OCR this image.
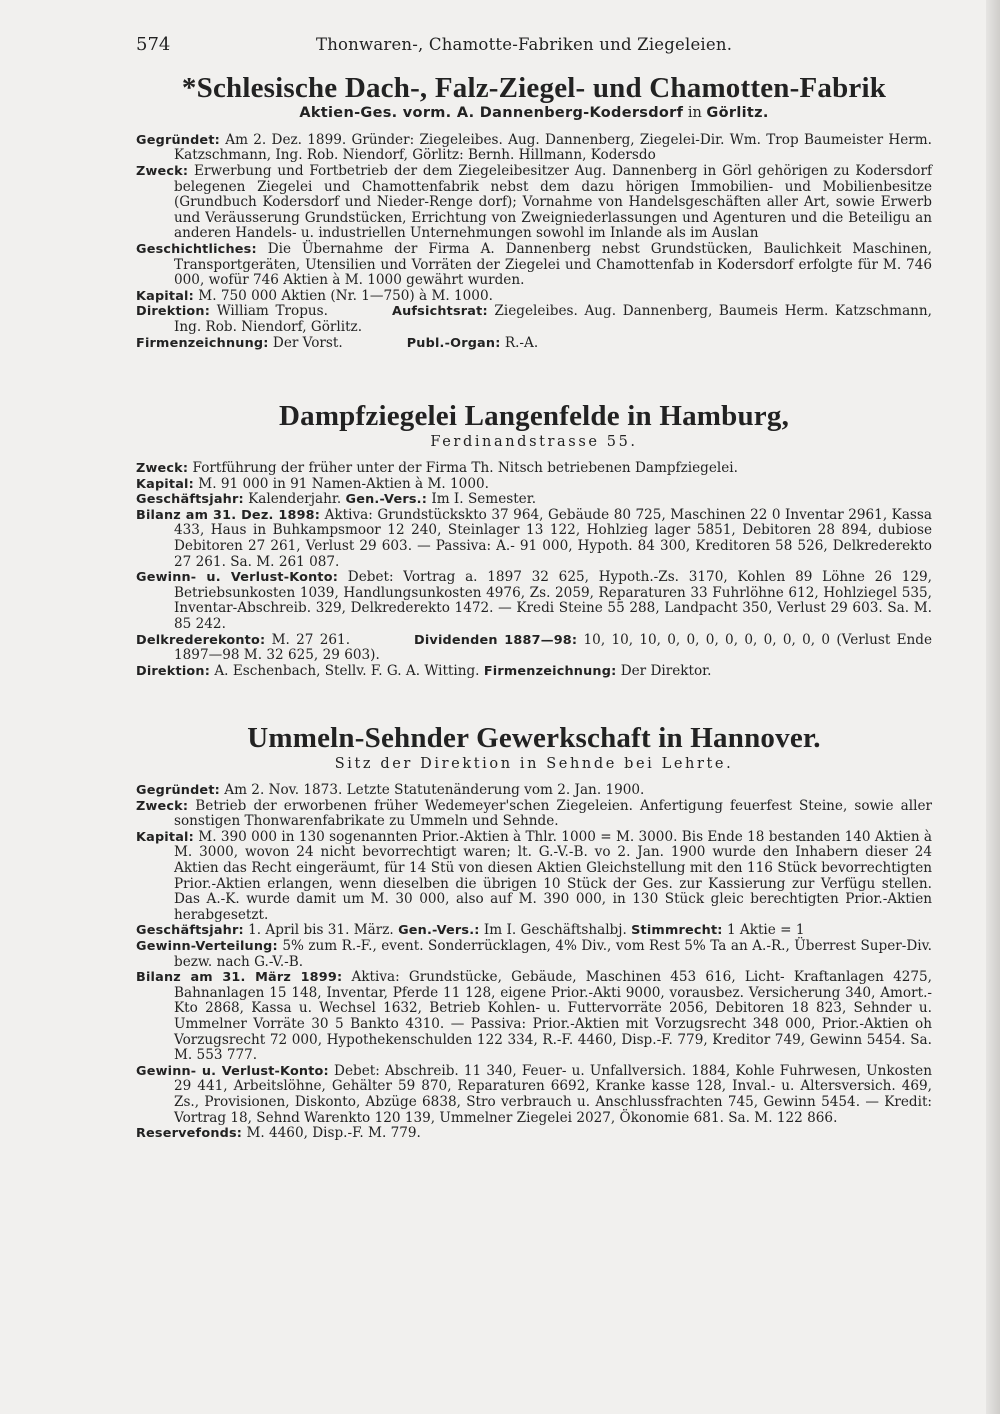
574	Thonwaren-, Chamotte-Fabriken und Ziegeleien.
*Schlesische Dach-, Falz-Ziegel- und Chamotten-Fabrik
Aktien-Ges. vorm. A. Dannenberg-Kodersdorf in Görlitz.
Gegründet: Am 2. Dez. 1899. Gründer: Ziegeleibes. Aug. Dannenberg, Ziegelei-Dir. Wm. Trop Baumeister Herm. Katzschmann, Ing. Rob. Niendorf, Görlitz: Bernh. Hillmann, Kodersdo
Zweck: Erwerbung und Fortbetrieb der dem Ziegeleibesitzer Aug. Dannenberg in Görl gehörigen zu Kodersdorf belegenen Ziegelei und Chamottenfabrik nebst dem dazu hörigen Immobilien- und Mobilienbesitze (Grundbuch Kodersdorf und Nieder-Renge dorf); Vornahme von Handelsgeschäften aller Art, sowie Erwerb und Veräusserung Grundstücken, Errichtung von Zweigniederlassungen und Agenturen und die Beteiligu an anderen Handels- u. industriellen Unternehmungen sowohl im Inlande als im Auslan
Geschichtliches: Die Übernahme der Firma A. Dannenberg nebst Grundstücken, Baulichkeit Maschinen, Transportgeräten, Utensilien und Vorräten der Ziegelei und Chamottenfab in Kodersdorf erfolgte für M. 746 000, wofür 746 Aktien à M. 1000 gewährt wurden.
Kapital: M. 750 000 Aktien (Nr. 1—750) à M. 1000.
Direktion: William Tropus.	Aufsichtsrat: Ziegeleibes. Aug. Dannenberg, Baumeis Herm. Katzschmann, Ing. Rob. Niendorf, Görlitz.
Firmenzeichnung: Der Vorst.	Publ.-Organ: R.-A.
Dampfziegelei Langenfelde in Hamburg,
Ferdinandstrasse 55.
Zweck: Fortführung der früher unter der Firma Th. Nitsch betriebenen Dampfziegelei.
Kapital: M. 91 000 in 91 Namen-Aktien à M. 1000.
Geschäftsjahr: Kalenderjahr. Gen.-Vers.: Im I. Semester.
Bilanz am 31. Dez. 1898: Aktiva: Grundstückskto 37 964, Gebäude 80 725, Maschinen 22 0 Inventar 2961, Kassa 433, Haus in Buhkampsmoor 12 240, Steinlager 13 122, Hohlzieg lager 5851, Debitoren 28 894, dubiose Debitoren 27 261, Verlust 29 603. — Passiva: A.- 91 000, Hypoth. 84 300, Kreditoren 58 526, Delkrederekto 27 261. Sa. M. 261 087.
Gewinn- u. Verlust-Konto: Debet: Vortrag a. 1897 32 625, Hypoth.-Zs. 3170, Kohlen 89 Löhne 26 129, Betriebsunkosten 1039, Handlungsunkosten 4976, Zs. 2059, Reparaturen 33 Fuhrlöhne 612, Hohlziegel 535, Inventar-Abschreib. 329, Delkrederekto 1472. — Kredi Steine 55 288, Landpacht 350, Verlust 29 603. Sa. M. 85 242.
Delkrederekonto: M. 27 261.	Dividenden 1887—98: 10, 10, 10, 0, 0, 0, 0, 0, 0, 0, 0, 0 (Verlust Ende 1897—98 M. 32 625, 29 603).
Direktion: A. Eschenbach, Stellv. F. G. A. Witting. Firmenzeichnung: Der Direktor.
Ummeln-Sehnder Gewerkschaft in Hannover.
Sitz der Direktion in Sehnde bei Lehrte.
Gegründet: Am 2. Nov. 1873. Letzte Statutenänderung vom 2. Jan. 1900.
Zweck: Betrieb der erworbenen früher Wedemeyer'schen Ziegeleien. Anfertigung feuerfest Steine, sowie aller sonstigen Thonwarenfabrikate zu Ummeln und Sehnde.
Kapital: M. 390 000 in 130 sogenannten Prior.-Aktien à Thlr. 1000 = M. 3000. Bis Ende 18 bestanden 140 Aktien à M. 3000, wovon 24 nicht bevorrechtigt waren; lt. G.-V.-B. vo 2. Jan. 1900 wurde den Inhabern dieser 24 Aktien das Recht eingeräumt, für 14 Stü von diesen Aktien Gleichstellung mit den 116 Stück bevorrechtigten Prior.-Aktien erlangen, wenn dieselben die übrigen 10 Stück der Ges. zur Kassierung zur Verfügu stellen. Das A.-K. wurde damit um M. 30 000, also auf M. 390 000, in 130 Stück gleic berechtigten Prior.-Aktien herabgesetzt.
Geschäftsjahr: 1. April bis 31. März. Gen.-Vers.: Im I. Geschäftshalbj. Stimmrecht: 1 Aktie = 1
Gewinn-Verteilung: 5% zum R.-F., event. Sonderrücklagen, 4% Div., vom Rest 5% Ta an A.-R., Überrest Super-Div. bezw. nach G.-V.-B.
Bilanz am 31. März 1899: Aktiva: Grundstücke, Gebäude, Maschinen 453 616, Licht- Kraftanlagen 4275, Bahnanlagen 15 148, Inventar, Pferde 11 128, eigene Prior.-Akti 9000, vorausbez. Versicherung 340, Amort.-Kto 2868, Kassa u. Wechsel 1632, Betrieb Kohlen- u. Futtervorräte 2056, Debitoren 18 823, Sehnder u. Ummelner Vorräte 30 5 Bankto 4310. — Passiva: Prior.-Aktien mit Vorzugsrecht 348 000, Prior.-Aktien oh Vorzugsrecht 72 000, Hypothekenschulden 122 334, R.-F. 4460, Disp.-F. 779, Kreditor 749, Gewinn 5454. Sa. M. 553 777.
Gewinn- u. Verlust-Konto: Debet: Abschreib. 11 340, Feuer- u. Unfallversich. 1884, Kohle Fuhrwesen, Unkosten 29 441, Arbeitslöhne, Gehälter 59 870, Reparaturen 6692, Kranke kasse 128, Inval.- u. Altersversich. 469, Zs., Provisionen, Diskonto, Abzüge 6838, Stro verbrauch u. Anschlussfrachten 745, Gewinn 5454. — Kredit: Vortrag 18, Sehnd Warenkto 120 139, Ummelner Ziegelei 2027, Ökonomie 681. Sa. M. 122 866.
Reservefonds: M. 4460, Disp.-F. M. 779.
